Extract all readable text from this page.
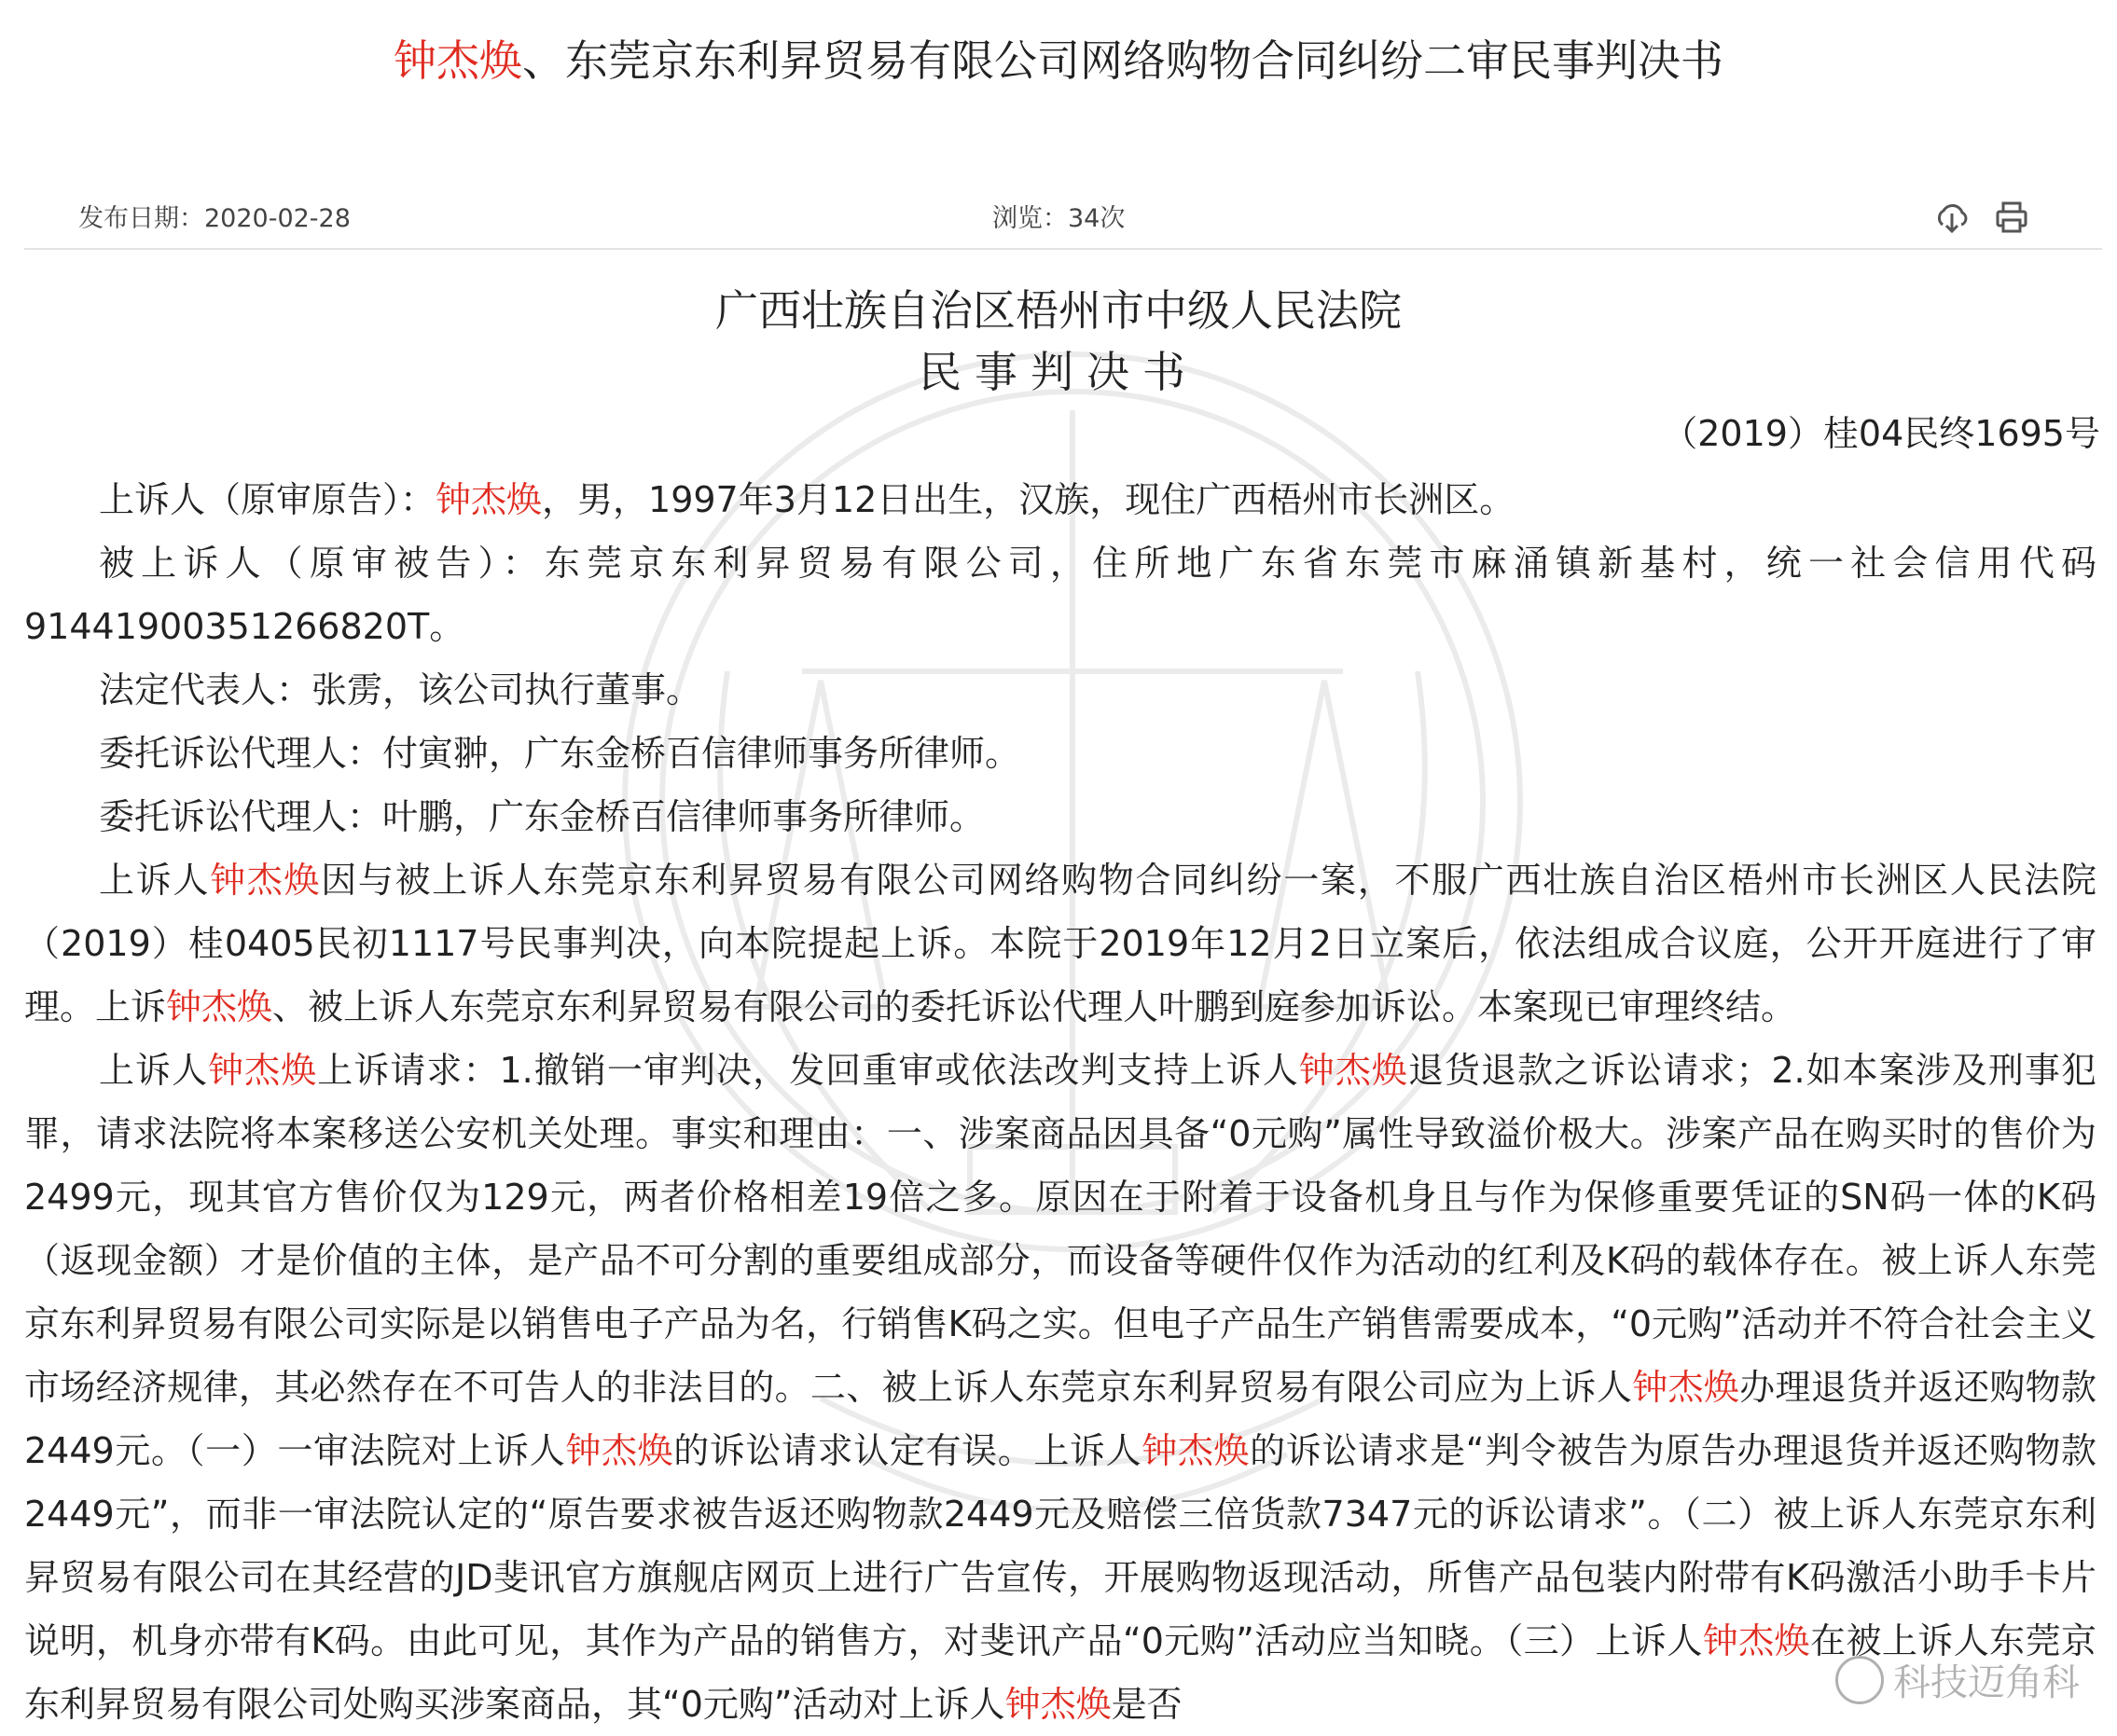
钟杰焕、东莞京东利昇贸易有限公司网络购物合同纠纷二审民事判决书
发布日期：2020-02-28	浏览：34次
广西壮族自治区梧州市中级人民法院
民事判决书
（2019）桂04民终1695号

上诉人（原审原告）：钟杰焕，男，1997年3月12日出生，汉族，现住广西梧州市长洲区。

被上诉人（原审被告）：东莞京东利昇贸易有限公司，住所地广东省东莞市麻涌镇新基村，统一社会信用代码91441900351266820T。

法定代表人：张雳，该公司执行董事。

委托诉讼代理人：付寅翀，广东金桥百信律师事务所律师。

委托诉讼代理人：叶鹏，广东金桥百信律师事务所律师。

上诉人钟杰焕因与被上诉人东莞京东利昇贸易有限公司网络购物合同纠纷一案，不服广西壮族自治区梧州市长洲区人民法院（2019）桂0405民初1117号民事判决，向本院提起上诉。本院于2019年12月2日立案后，依法组成合议庭，公开开庭进行了审理。上诉钟杰焕、被上诉人东莞京东利昇贸易有限公司的委托诉讼代理人叶鹏到庭参加诉讼。本案现已审理终结。

上诉人钟杰焕上诉请求：1.撤销一审判决，发回重审或依法改判支持上诉人钟杰焕退货退款之诉讼请求；2.如本案涉及刑事犯罪，请求法院将本案移送公安机关处理。事实和理由：一、涉案商品因具备“0元购”属性导致溢价极大。涉案产品在购买时的售价为2499元，现其官方售价仅为129元，两者价格相差19倍之多。原因在于附着于设备机身且与作为保修重要凭证的SN码一体的K码（返现金额）才是价值的主体，是产品不可分割的重要组成部分，而设备等硬件仅作为活动的红利及K码的载体存在。被上诉人东莞京东利昇贸易有限公司实际是以销售电子产品为名，行销售K码之实。但电子产品生产销售需要成本，“0元购”活动并不符合社会主义市场经济规律，其必然存在不可告人的非法目的。二、被上诉人东莞京东利昇贸易有限公司应为上诉人钟杰焕办理退货并返还购物款2449元。（一）一审法院对上诉人钟杰焕的诉讼请求认定有误。上诉人钟杰焕的诉讼请求是“判令被告为原告办理退货并返还购物款2449元”，而非一审法院认定的“原告要求被告返还购物款2449元及赔偿三倍货款7347元的诉讼请求”。（二）被上诉人东莞京东利昇贸易有限公司在其经营的JD斐讯官方旗舰店网页上进行广告宣传，开展购物返现活动，所售产品包装内附带有K码激活小助手卡片说明，机身亦带有K码。由此可见，其作为产品的销售方，对斐讯产品“0元购”活动应当知晓。（三）上诉人钟杰焕在被上诉人东莞京东利昇贸易有限公司处购买涉案商品，其“0元购”活动对上诉人钟杰焕是否	科技迈角科
